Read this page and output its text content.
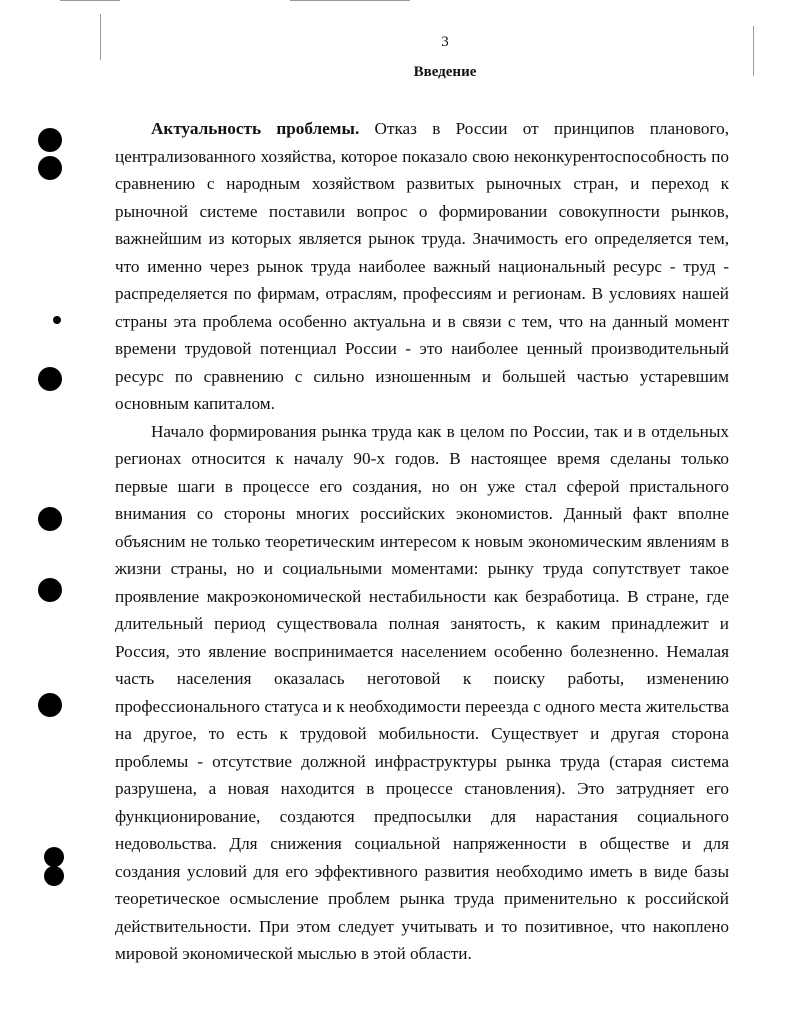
3
Введение

Актуальность проблемы. Отказ в России от принципов планового, централизованного хозяйства, которое показало свою неконкурентоспособность по сравнению с народным хозяйством развитых рыночных стран, и переход к рыночной системе поставили вопрос о формировании совокупности рынков, важнейшим из которых является рынок труда. Значимость его определяется тем, что именно через рынок труда наиболее важный национальный ресурс - труд - распределяется по фирмам, отраслям, профессиям и регионам. В условиях нашей страны эта проблема особенно актуальна и в связи с тем, что на данный момент времени трудовой потенциал России - это наиболее ценный производительный ресурс по сравнению с сильно изношенным и большей частью устаревшим основным капиталом.

Начало формирования рынка труда как в целом по России, так и в отдельных регионах относится к началу 90-х годов. В настоящее время сделаны только первые шаги в процессе его создания, но он уже стал сферой пристального внимания со стороны многих российских экономистов. Данный факт вполне объясним не только теоретическим интересом к новым экономическим явлениям в жизни страны, но и социальными моментами: рынку труда сопутствует такое проявление макроэкономической нестабильности как безработица. В стране, где длительный период существовала полная занятость, к каким принадлежит и Россия, это явление воспринимается населением особенно болезненно. Немалая часть населения оказалась неготовой к поиску работы, изменению профессионального статуса и к необходимости переезда с одного места жительства на другое, то есть к трудовой мобильности. Существует и другая сторона проблемы - отсутствие должной инфраструктуры рынка труда (старая система разрушена, а новая находится в процессе становления). Это затрудняет его функционирование, создаются предпосылки для нарастания социального недовольства. Для снижения социальной напряженности в обществе и для создания условий для его эффективного развития необходимо иметь в виде базы теоретическое осмысление проблем рынка труда применительно к российской действительности. При этом следует учитывать и то позитивное, что накоплено мировой экономической мыслью в этой области.
